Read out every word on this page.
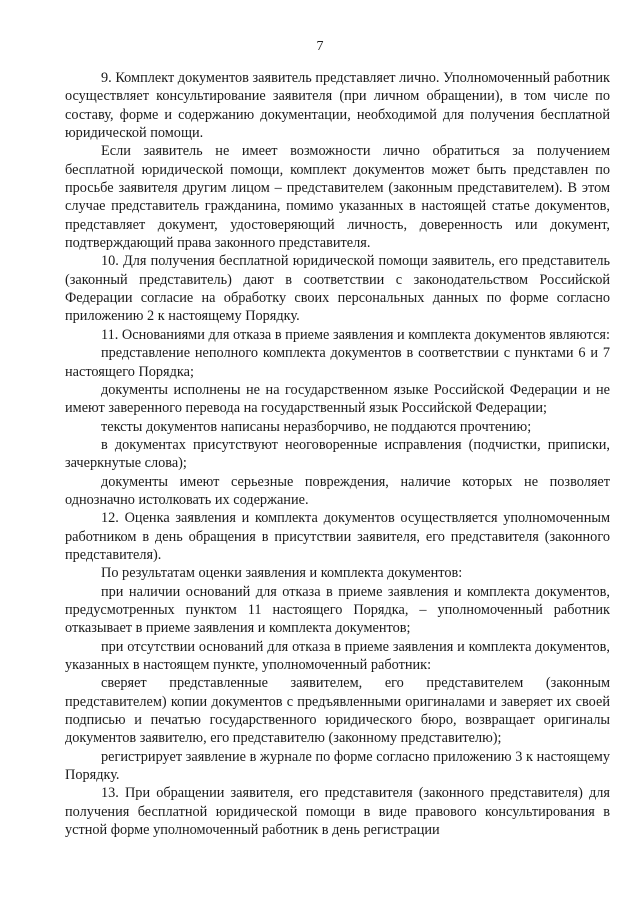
7

9. Комплект документов заявитель представляет лично. Уполномоченный работник осуществляет консультирование заявителя (при личном обращении), в том числе по составу, форме и содержанию документации, необходимой для получения бесплатной юридической помощи.

Если заявитель не имеет возможности лично обратиться за получением бесплатной юридической помощи, комплект документов может быть представлен по просьбе заявителя другим лицом – представителем (законным представителем). В этом случае представитель гражданина, помимо указанных в настоящей статье документов, представляет документ, удостоверяющий личность, доверенность или документ, подтверждающий права законного представителя.

10. Для получения бесплатной юридической помощи заявитель, его представитель (законный представитель) дают в соответствии с законодательством Российской Федерации согласие на обработку своих персональных данных по форме согласно приложению 2 к настоящему Порядку.

11. Основаниями для отказа в приеме заявления и комплекта документов являются:

представление неполного комплекта документов в соответствии с пунктами 6 и 7 настоящего Порядка;

документы исполнены не на государственном языке Российской Федерации и не имеют заверенного перевода на государственный язык Российской Федерации;

тексты документов написаны неразборчиво, не поддаются прочтению;

в документах присутствуют неоговоренные исправления (подчистки, приписки, зачеркнутые слова);

документы имеют серьезные повреждения, наличие которых не позволяет однозначно истолковать их содержание.

12. Оценка заявления и комплекта документов осуществляется уполномоченным работником в день обращения в присутствии заявителя, его представителя (законного представителя).

По результатам оценки заявления и комплекта документов:

при наличии оснований для отказа в приеме заявления и комплекта документов, предусмотренных пунктом 11 настоящего Порядка, – уполномоченный работник отказывает в приеме заявления и комплекта документов;

при отсутствии оснований для отказа в приеме заявления и комплекта документов, указанных в настоящем пункте, уполномоченный работник:

сверяет представленные заявителем, его представителем (законным представителем) копии документов с предъявленными оригиналами и заверяет их своей подписью и печатью государственного юридического бюро, возвращает оригиналы документов заявителю, его представителю (законному представителю);

регистрирует заявление в журнале по форме согласно приложению 3 к настоящему Порядку.

13. При обращении заявителя, его представителя (законного представителя) для получения бесплатной юридической помощи в виде правового консультирования в устной форме уполномоченный работник в день регистрации
